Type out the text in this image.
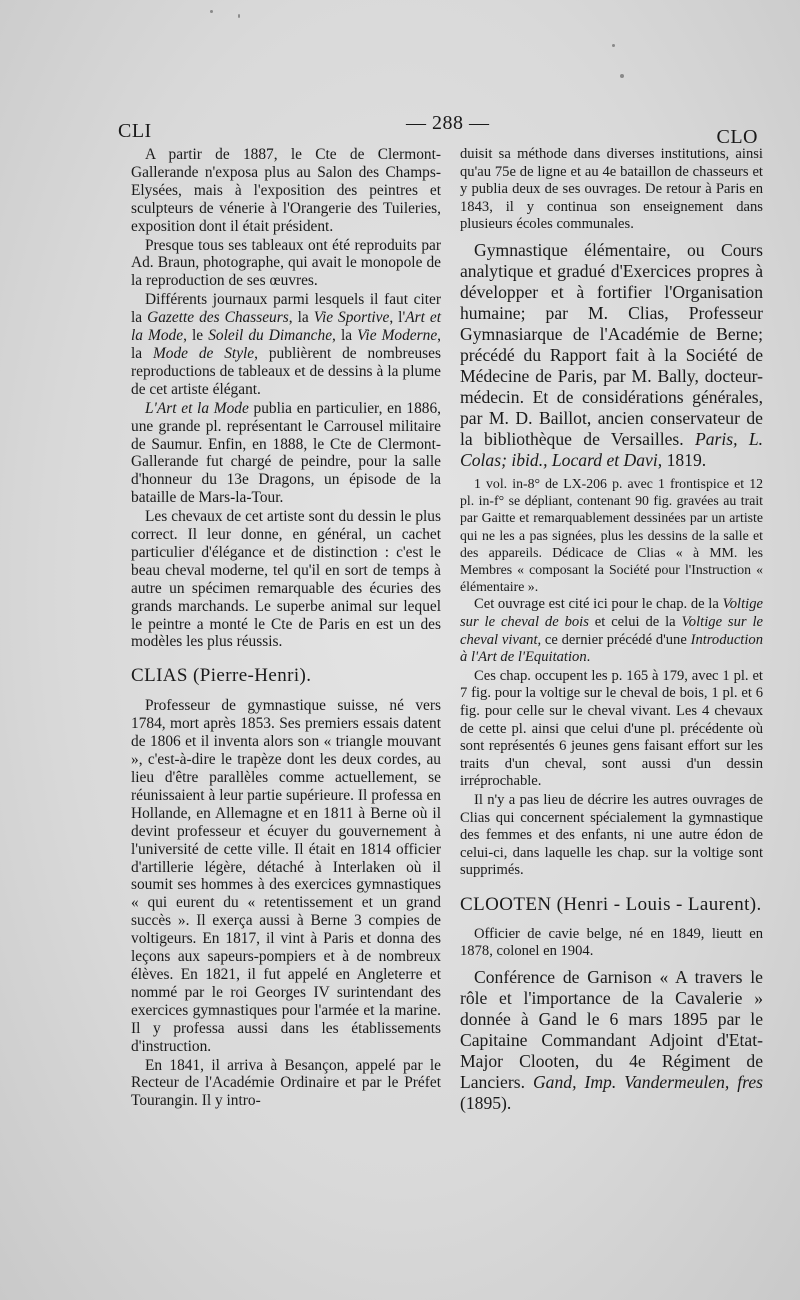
CLI	— 288 —
CLO

A partir de 1887, le Cte de Clermont-Gallerande n'exposa plus au Salon des Champs-Elysées, mais à l'exposition des peintres et sculpteurs de vénerie à l'Orangerie des Tuileries, exposition dont il était président.

Presque tous ses tableaux ont été reproduits par Ad. Braun, photographe, qui avait le monopole de la reproduction de ses œuvres.

Différents journaux parmi lesquels il faut citer la Gazette des Chasseurs, la Vie Sportive, l'Art et la Mode, le Soleil du Dimanche, la Vie Moderne, la Mode de Style, publièrent de nombreuses reproductions de tableaux et de dessins à la plume de cet artiste élégant.

L'Art et la Mode publia en particulier, en 1886, une grande pl. représentant le Carrousel militaire de Saumur. Enfin, en 1888, le Cte de Clermont-Gallerande fut chargé de peindre, pour la salle d'honneur du 13e Dragons, un épisode de la bataille de Mars-la-Tour.

Les chevaux de cet artiste sont du dessin le plus correct. Il leur donne, en général, un cachet particulier d'élégance et de distinction : c'est le beau cheval moderne, tel qu'il en sort de temps à autre un spécimen remarquable des écuries des grands marchands. Le superbe animal sur lequel le peintre a monté le Cte de Paris en est un des modèles les plus réussis.

CLIAS (Pierre-Henri).

Professeur de gymnastique suisse, né vers 1784, mort après 1853. Ses premiers essais datent de 1806 et il inventa alors son « triangle mouvant », c'est-à-dire le trapèze dont les deux cordes, au lieu d'être parallèles comme actuellement, se réunissaient à leur partie supérieure. Il professa en Hollande, en Allemagne et en 1811 à Berne où il devint professeur et écuyer du gouvernement à l'université de cette ville. Il était en 1814 officier d'artillerie légère, détaché à Interlaken où il soumit ses hommes à des exercices gymnastiques « qui eurent du « retentissement et un grand succès ». Il exerça aussi à Berne 3 compies de voltigeurs. En 1817, il vint à Paris et donna des leçons aux sapeurs-pompiers et à de nombreux élèves. En 1821, il fut appelé en Angleterre et nommé par le roi Georges IV surintendant des exercices gymnastiques pour l'armée et la marine. Il y professa aussi dans les établissements d'instruction.

En 1841, il arriva à Besançon, appelé par le Recteur de l'Académie Ordinaire et par le Préfet Tourangin. Il y intro-

duisit sa méthode dans diverses institutions, ainsi qu'au 75e de ligne et au 4e bataillon de chasseurs et y publia deux de ses ouvrages. De retour à Paris en 1843, il y continua son enseignement dans plusieurs écoles communales.

Gymnastique élémentaire, ou Cours analytique et gradué d'Exercices propres à développer et à fortifier l'Organisation humaine; par M. Clias, Professeur Gymnasiarque de l'Académie de Berne; précédé du Rapport fait à la Société de Médecine de Paris, par M. Bally, docteur-médecin. Et de considérations générales, par M. D. Baillot, ancien conservateur de la bibliothèque de Versailles. Paris, L. Colas; ibid., Locard et Davi, 1819.

1 vol. in-8° de LX-206 p. avec 1 frontispice et 12 pl. in-f° se dépliant, contenant 90 fig. gravées au trait par Gaitte et remarquablement dessinées par un artiste qui ne les a pas signées, plus les dessins de la salle et des appareils. Dédicace de Clias « à MM. les Membres « composant la Société pour l'Instruction « élémentaire ».

Cet ouvrage est cité ici pour le chap. de la Voltige sur le cheval de bois et celui de la Voltige sur le cheval vivant, ce dernier précédé d'une Introduction à l'Art de l'Equitation.

Ces chap. occupent les p. 165 à 179, avec 1 pl. et 7 fig. pour la voltige sur le cheval de bois, 1 pl. et 6 fig. pour celle sur le cheval vivant. Les 4 chevaux de cette pl. ainsi que celui d'une pl. précédente où sont représentés 6 jeunes gens faisant effort sur les traits d'un cheval, sont aussi d'un dessin irréprochable.

Il n'y a pas lieu de décrire les autres ouvrages de Clias qui concernent spécialement la gymnastique des femmes et des enfants, ni une autre édon de celui-ci, dans laquelle les chap. sur la voltige sont supprimés.

CLOOTEN (Henri - Louis - Laurent).

Officier de cavie belge, né en 1849, lieutt en 1878, colonel en 1904.

Conférence de Garnison « A travers le rôle et l'importance de la Cavalerie » donnée à Gand le 6 mars 1895 par le Capitaine Commandant Adjoint d'Etat-Major Clooten, du 4e Régiment de Lanciers. Gand, Imp. Vandermeulen, fres (1895).
